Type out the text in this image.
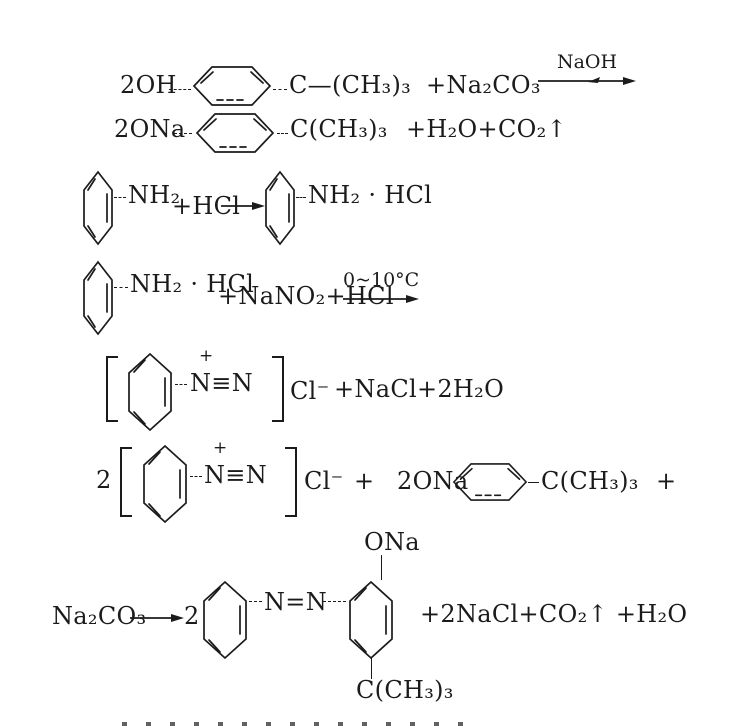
2OH	C—(CH₃)₃ +Na₂CO₃
NaOH
2ONa	C(CH₃)₃ +H₂O+CO₂↑
NH₂
+HCl	NH₂ · HCl
NH₂ · HCl
+NaNO₂+HCl
0~10°C
+
N≡N Cl⁻ +NaCl+2H₂O
2
+
N≡N Cl⁻ + 2ONa	C(CH₃)₃ +
Na₂CO₃ → 2	N=N
ONa
C(CH₃)₃
+2NaCl+CO₂↑ +H₂O
